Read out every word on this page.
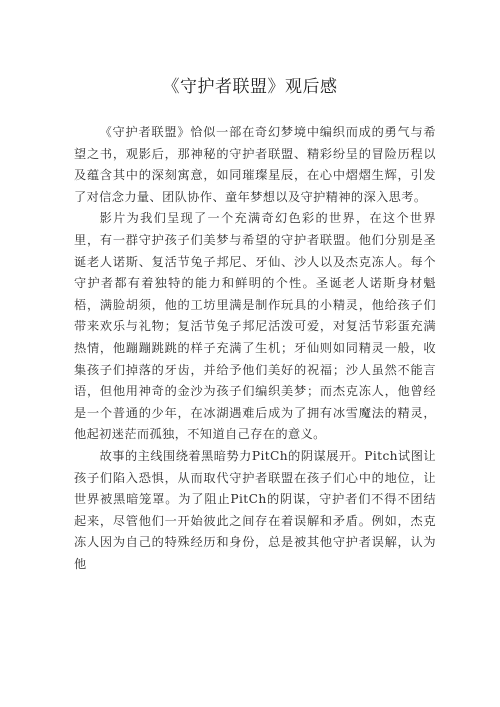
《守护者联盟》观后感

《守护者联盟》恰似一部在奇幻梦境中编织而成的勇气与希望之书，观影后，那神秘的守护者联盟、精彩纷呈的冒险历程以及蕴含其中的深刻寓意，如同璀璨星辰，在心中熠熠生辉，引发了对信念力量、团队协作、童年梦想以及守护精神的深入思考。

影片为我们呈现了一个充满奇幻色彩的世界，在这个世界里，有一群守护孩子们美梦与希望的守护者联盟。他们分别是圣诞老人诺斯、复活节兔子邦尼、牙仙、沙人以及杰克冻人。每个守护者都有着独特的能力和鲜明的个性。圣诞老人诺斯身材魁梧，满脸胡须，他的工坊里满是制作玩具的小精灵，他给孩子们带来欢乐与礼物；复活节兔子邦尼活泼可爱，对复活节彩蛋充满热情，他蹦蹦跳跳的样子充满了生机；牙仙则如同精灵一般，收集孩子们掉落的牙齿，并给予他们美好的祝福；沙人虽然不能言语，但他用神奇的金沙为孩子们编织美梦；而杰克冻人，他曾经是一个普通的少年，在冰湖遇难后成为了拥有冰雪魔法的精灵，他起初迷茫而孤独，不知道自己存在的意义。

故事的主线围绕着黑暗势力PitCh的阴谋展开。Pitch试图让孩子们陷入恐惧，从而取代守护者联盟在孩子们心中的地位，让世界被黑暗笼罩。为了阻止PitCh的阴谋，守护者们不得不团结起来，尽管他们一开始彼此之间存在着误解和矛盾。例如，杰克冻人因为自己的特殊经历和身份，总是被其他守护者误解，认为他
